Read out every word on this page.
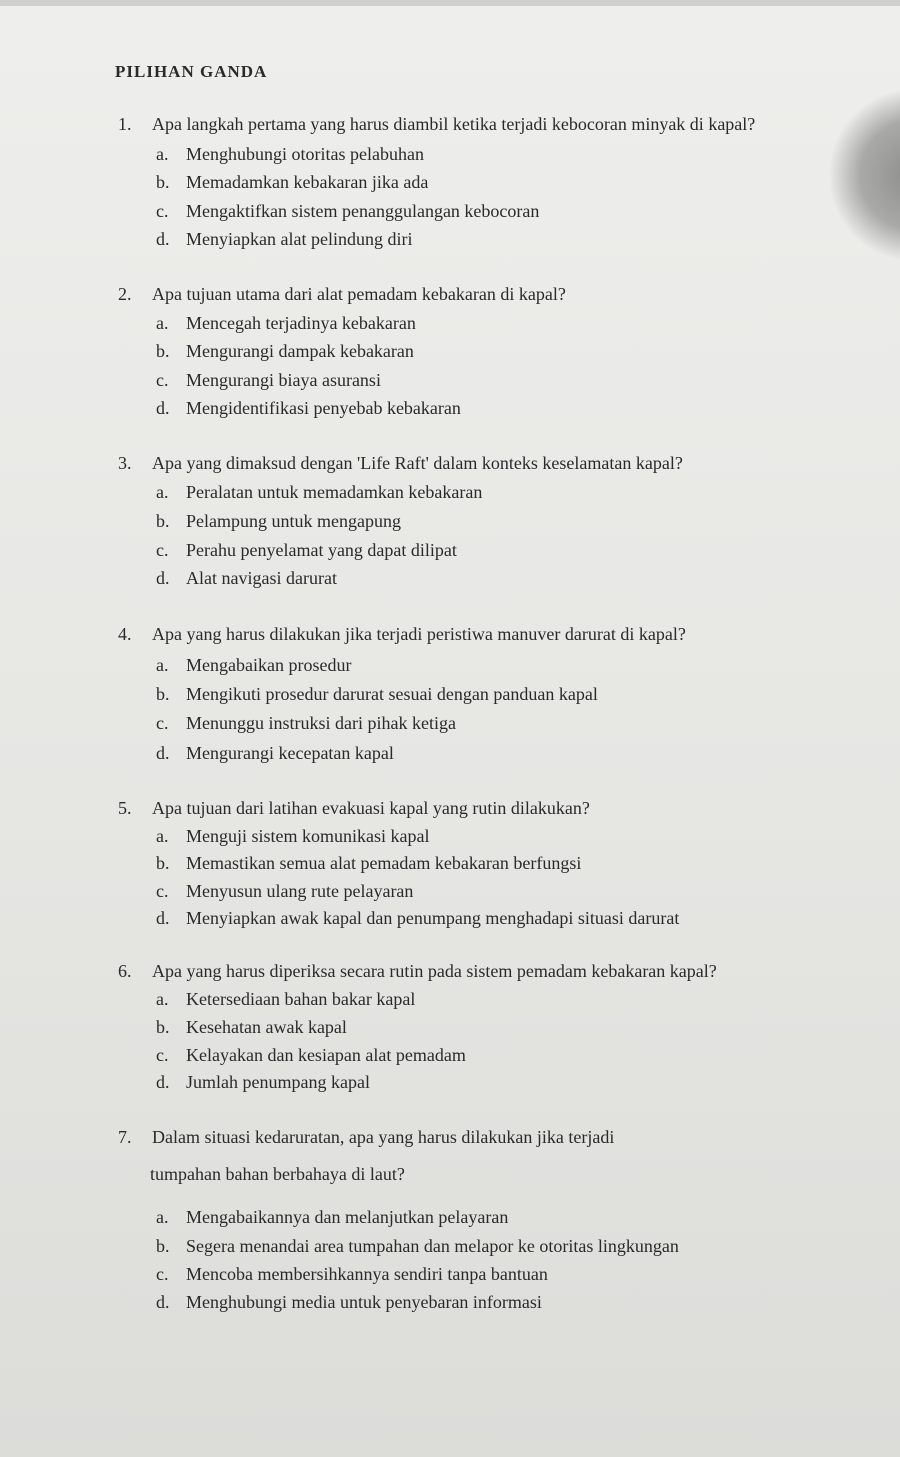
PILIHAN GANDA
1. Apa langkah pertama yang harus diambil ketika terjadi kebocoran minyak di kapal?
a. Menghubungi otoritas pelabuhan
b. Memadamkan kebakaran jika ada
c. Mengaktifkan sistem penanggulangan kebocoran
d. Menyiapkan alat pelindung diri
2. Apa tujuan utama dari alat pemadam kebakaran di kapal?
a. Mencegah terjadinya kebakaran
b. Mengurangi dampak kebakaran
c. Mengurangi biaya asuransi
d. Mengidentifikasi penyebab kebakaran
3. Apa yang dimaksud dengan 'Life Raft' dalam konteks keselamatan kapal?
a. Peralatan untuk memadamkan kebakaran
b. Pelampung untuk mengapung
c. Perahu penyelamat yang dapat dilipat
d. Alat navigasi darurat
4. Apa yang harus dilakukan jika terjadi peristiwa manuver darurat di kapal?
a. Mengabaikan prosedur
b. Mengikuti prosedur darurat sesuai dengan panduan kapal
c. Menunggu instruksi dari pihak ketiga
d. Mengurangi kecepatan kapal
5. Apa tujuan dari latihan evakuasi kapal yang rutin dilakukan?
a. Menguji sistem komunikasi kapal
b. Memastikan semua alat pemadam kebakaran berfungsi
c. Menyusun ulang rute pelayaran
d. Menyiapkan awak kapal dan penumpang menghadapi situasi darurat
6. Apa yang harus diperiksa secara rutin pada sistem pemadam kebakaran kapal?
a. Ketersediaan bahan bakar kapal
b. Kesehatan awak kapal
c. Kelayakan dan kesiapan alat pemadam
d. Jumlah penumpang kapal
7. Dalam situasi kedaruratan, apa yang harus dilakukan jika terjadi
tumpahan bahan berbahaya di laut?
a. Mengabaikannya dan melanjutkan pelayaran
b. Segera menandai area tumpahan dan melapor ke otoritas lingkungan
c. Mencoba membersihkannya sendiri tanpa bantuan
d. Menghubungi media untuk penyebaran informasi
